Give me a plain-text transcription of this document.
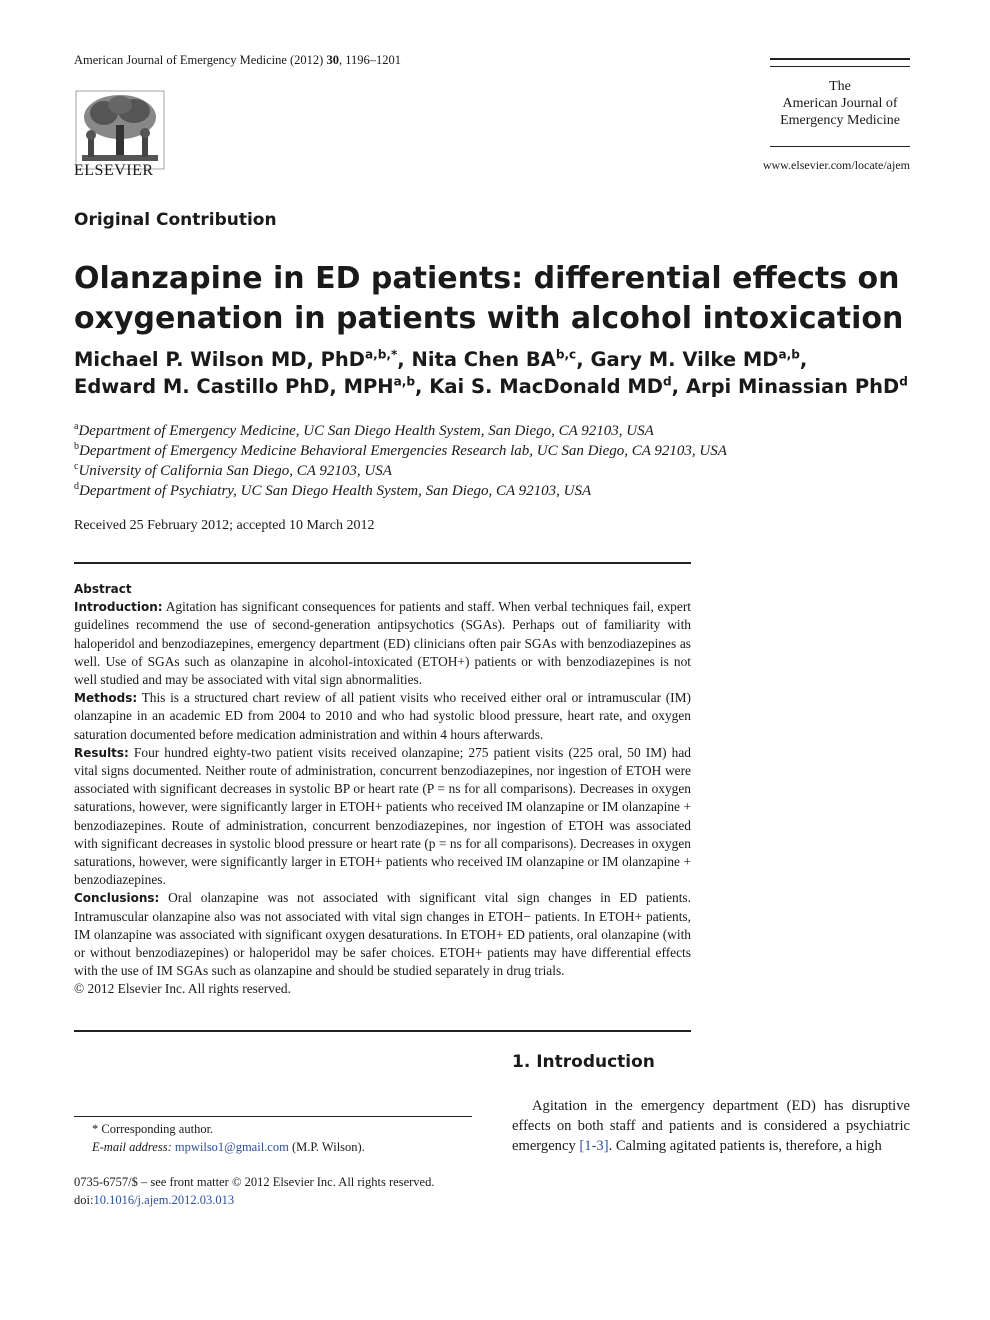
American Journal of Emergency Medicine (2012) 30, 1196–1201
ELSEVIER
The
American Journal of
Emergency Medicine
www.elsevier.com/locate/ajem
Original Contribution
Olanzapine in ED patients: differential effects on oxygenation in patients with alcohol intoxication
Michael P. Wilson MD, PhD$^{a,b,*}$, Nita Chen BA$^{b,c}$, Gary M. Vilke MD$^{a,b}$,
Edward M. Castillo PhD, MPH$^{a,b}$, Kai S. MacDonald $MD^d$, Arpi Minassian PhD$^d$
$^a$Department of Emergency Medicine, UC San Diego Health System, San Diego, CA 92103, USA
$^b$Department of Emergency Medicine Behavioral Emergencies Research lab, UC San Diego, CA 92103, USA
$^c$University of California San Diego, CA 92103, USA
$^d$Department of Psychiatry, UC San Diego Health System, San Diego, CA 92103, USA
Received 25 February 2012; accepted 10 March 2012
Abstract

Introduction: Agitation has significant consequences for patients and staff. When verbal techniques fail, expert guidelines recommend the use of second-generation antipsychotics (SGAs). Perhaps out of familiarity with haloperidol and benzodiazepines, emergency department (ED) clinicians often pair SGAs with benzodiazepines as well. Use of SGAs such as olanzapine in alcohol-intoxicated (ETOH+) patients or with benzodiazepines is not well studied and may be associated with vital sign abnormalities.

Methods: This is a structured chart review of all patient visits who received either oral or intramuscular (IM) olanzapine in an academic ED from 2004 to 2010 and who had systolic blood pressure, heart rate, and oxygen saturation documented before medication administration and within 4 hours afterwards.

Results: Four hundred eighty-two patient visits received olanzapine; 275 patient visits (225 oral, 50 IM) had vital signs documented. Neither route of administration, concurrent benzodiazepines, nor ingestion of ETOH were associated with significant decreases in systolic BP or heart rate (P = ns for all comparisons). Decreases in oxygen saturations, however, were significantly larger in ETOH+ patients who received IM olanzapine or IM olanzapine + benzodiazepines. Route of administration, concurrent benzodiazepines, nor ingestion of ETOH was associated with significant decreases in systolic blood pressure or heart rate (p = ns for all comparisons). Decreases in oxygen saturations, however, were significantly larger in ETOH+ patients who received IM olanzapine or IM olanzapine + benzodiazepines.

Conclusions: Oral olanzapine was not associated with significant vital sign changes in ED patients. Intramuscular olanzapine also was not associated with vital sign changes in ETOH− patients. In ETOH+ patients, IM olanzapine was associated with significant oxygen desaturations. In ETOH+ ED patients, oral olanzapine (with or without benzodiazepines) or haloperidol may be safer choices. ETOH+ patients may have differential effects with the use of IM SGAs such as olanzapine and should be studied separately in drug trials.

© 2012 Elsevier Inc. All rights reserved.

* Corresponding author.
E-mail address: mpwilso1@gmail.com (M.P. Wilson).
0735-6757/$ – see front matter © 2012 Elsevier Inc. All rights reserved.
doi:10.1016/j.ajem.2012.03.013
1. Introduction
Agitation in the emergency department (ED) has disruptive effects on both staff and patients and is considered a psychiatric emergency [1-3]. Calming agitated patients is, therefore, a high
